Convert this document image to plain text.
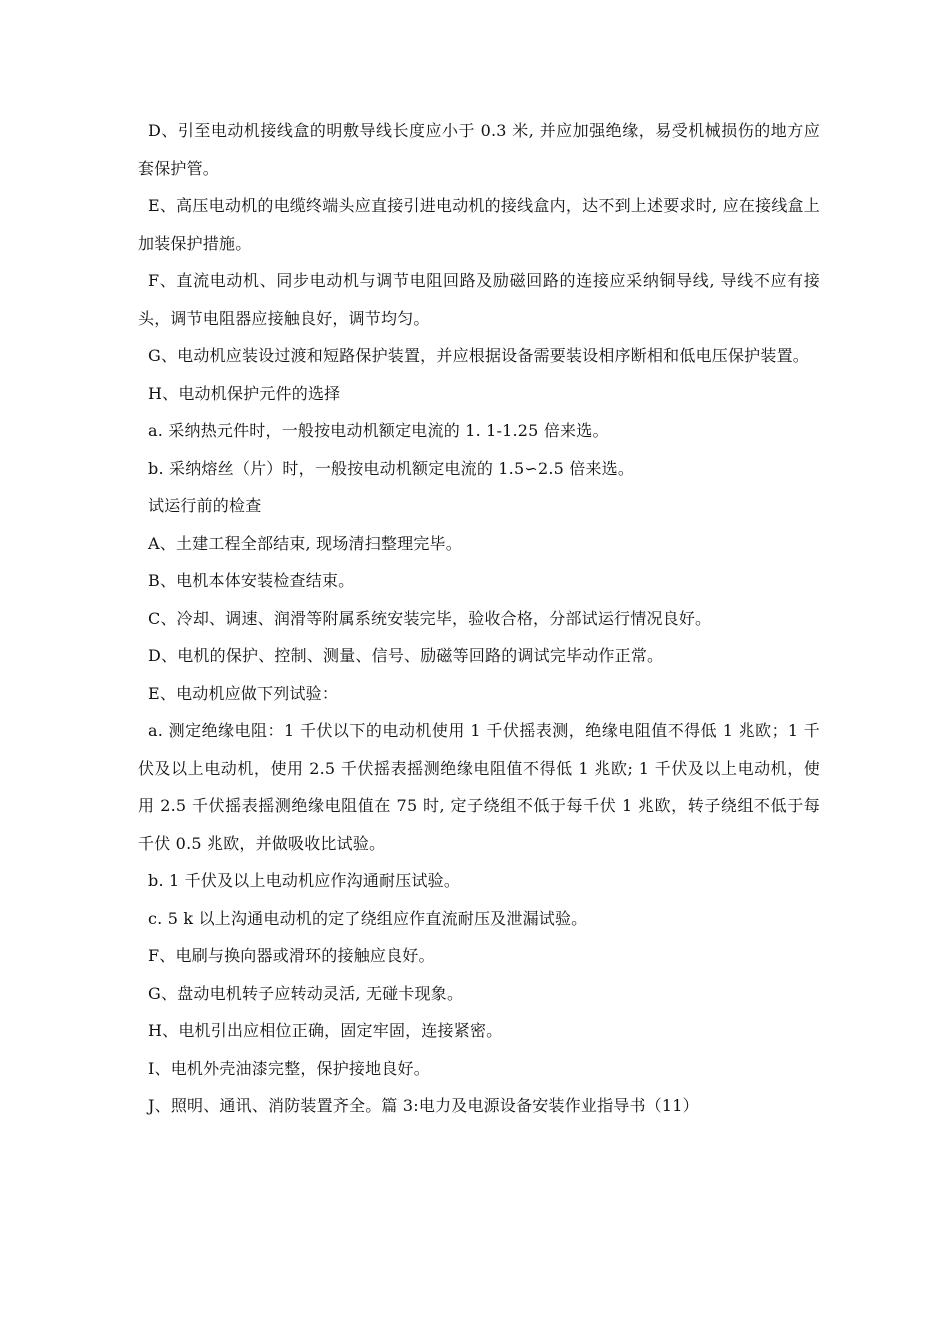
D、引至电动机接线盒的明敷导线长度应小于 0.3 米, 并应加强绝缘，易受机械损伤的地方应套保护管。

E、高压电动机的电缆终端头应直接引进电动机的接线盒内，达不到上述要求时, 应在接线盒上加装保护措施。

F、直流电动机、同步电动机与调节电阻回路及励磁回路的连接应采纳铜导线, 导线不应有接头，调节电阻器应接触良好，调节均匀。

G、电动机应装设过渡和短路保护装置，并应根据设备需要装设相序断相和低电压保护装置。

H、电动机保护元件的选择

a. 采纳热元件时，一般按电动机额定电流的 1. 1-1.25 倍来选。

b. 采纳熔丝（片）时，一般按电动机额定电流的 1.5∽2.5 倍来选。

试运行前的检查

A、土建工程全部结束, 现场清扫整理完毕。

B、电机本体安装检查结束。

C、冷却、调速、润滑等附属系统安装完毕，验收合格，分部试运行情况良好。

D、电机的保护、控制、测量、信号、励磁等回路的调试完毕动作正常。

E、电动机应做下列试验：

a. 测定绝缘电阻：1 千伏以下的电动机使用 1 千伏摇表测，绝缘电阻值不得低 1 兆欧；1 千伏及以上电动机，使用 2.5 千伏摇表摇测绝缘电阻值不得低 1 兆欧; 1 千伏及以上电动机，使用 2.5 千伏摇表摇测绝缘电阻值在 75 时, 定子绕组不低于每千伏 1 兆欧，转子绕组不低于每千伏 0.5 兆欧，并做吸收比试验。

b. 1 千伏及以上电动机应作沟通耐压试验。

c. 5 k 以上沟通电动机的定了绕组应作直流耐压及泄漏试验。

F、电刷与换向器或滑环的接触应良好。

G、盘动电机转子应转动灵活, 无碰卡现象。

H、电机引出应相位正确，固定牢固，连接紧密。

I、电机外壳油漆完整，保护接地良好。

J、照明、通讯、消防装置齐全。篇 3:电力及电源设备安装作业指导书（11）
